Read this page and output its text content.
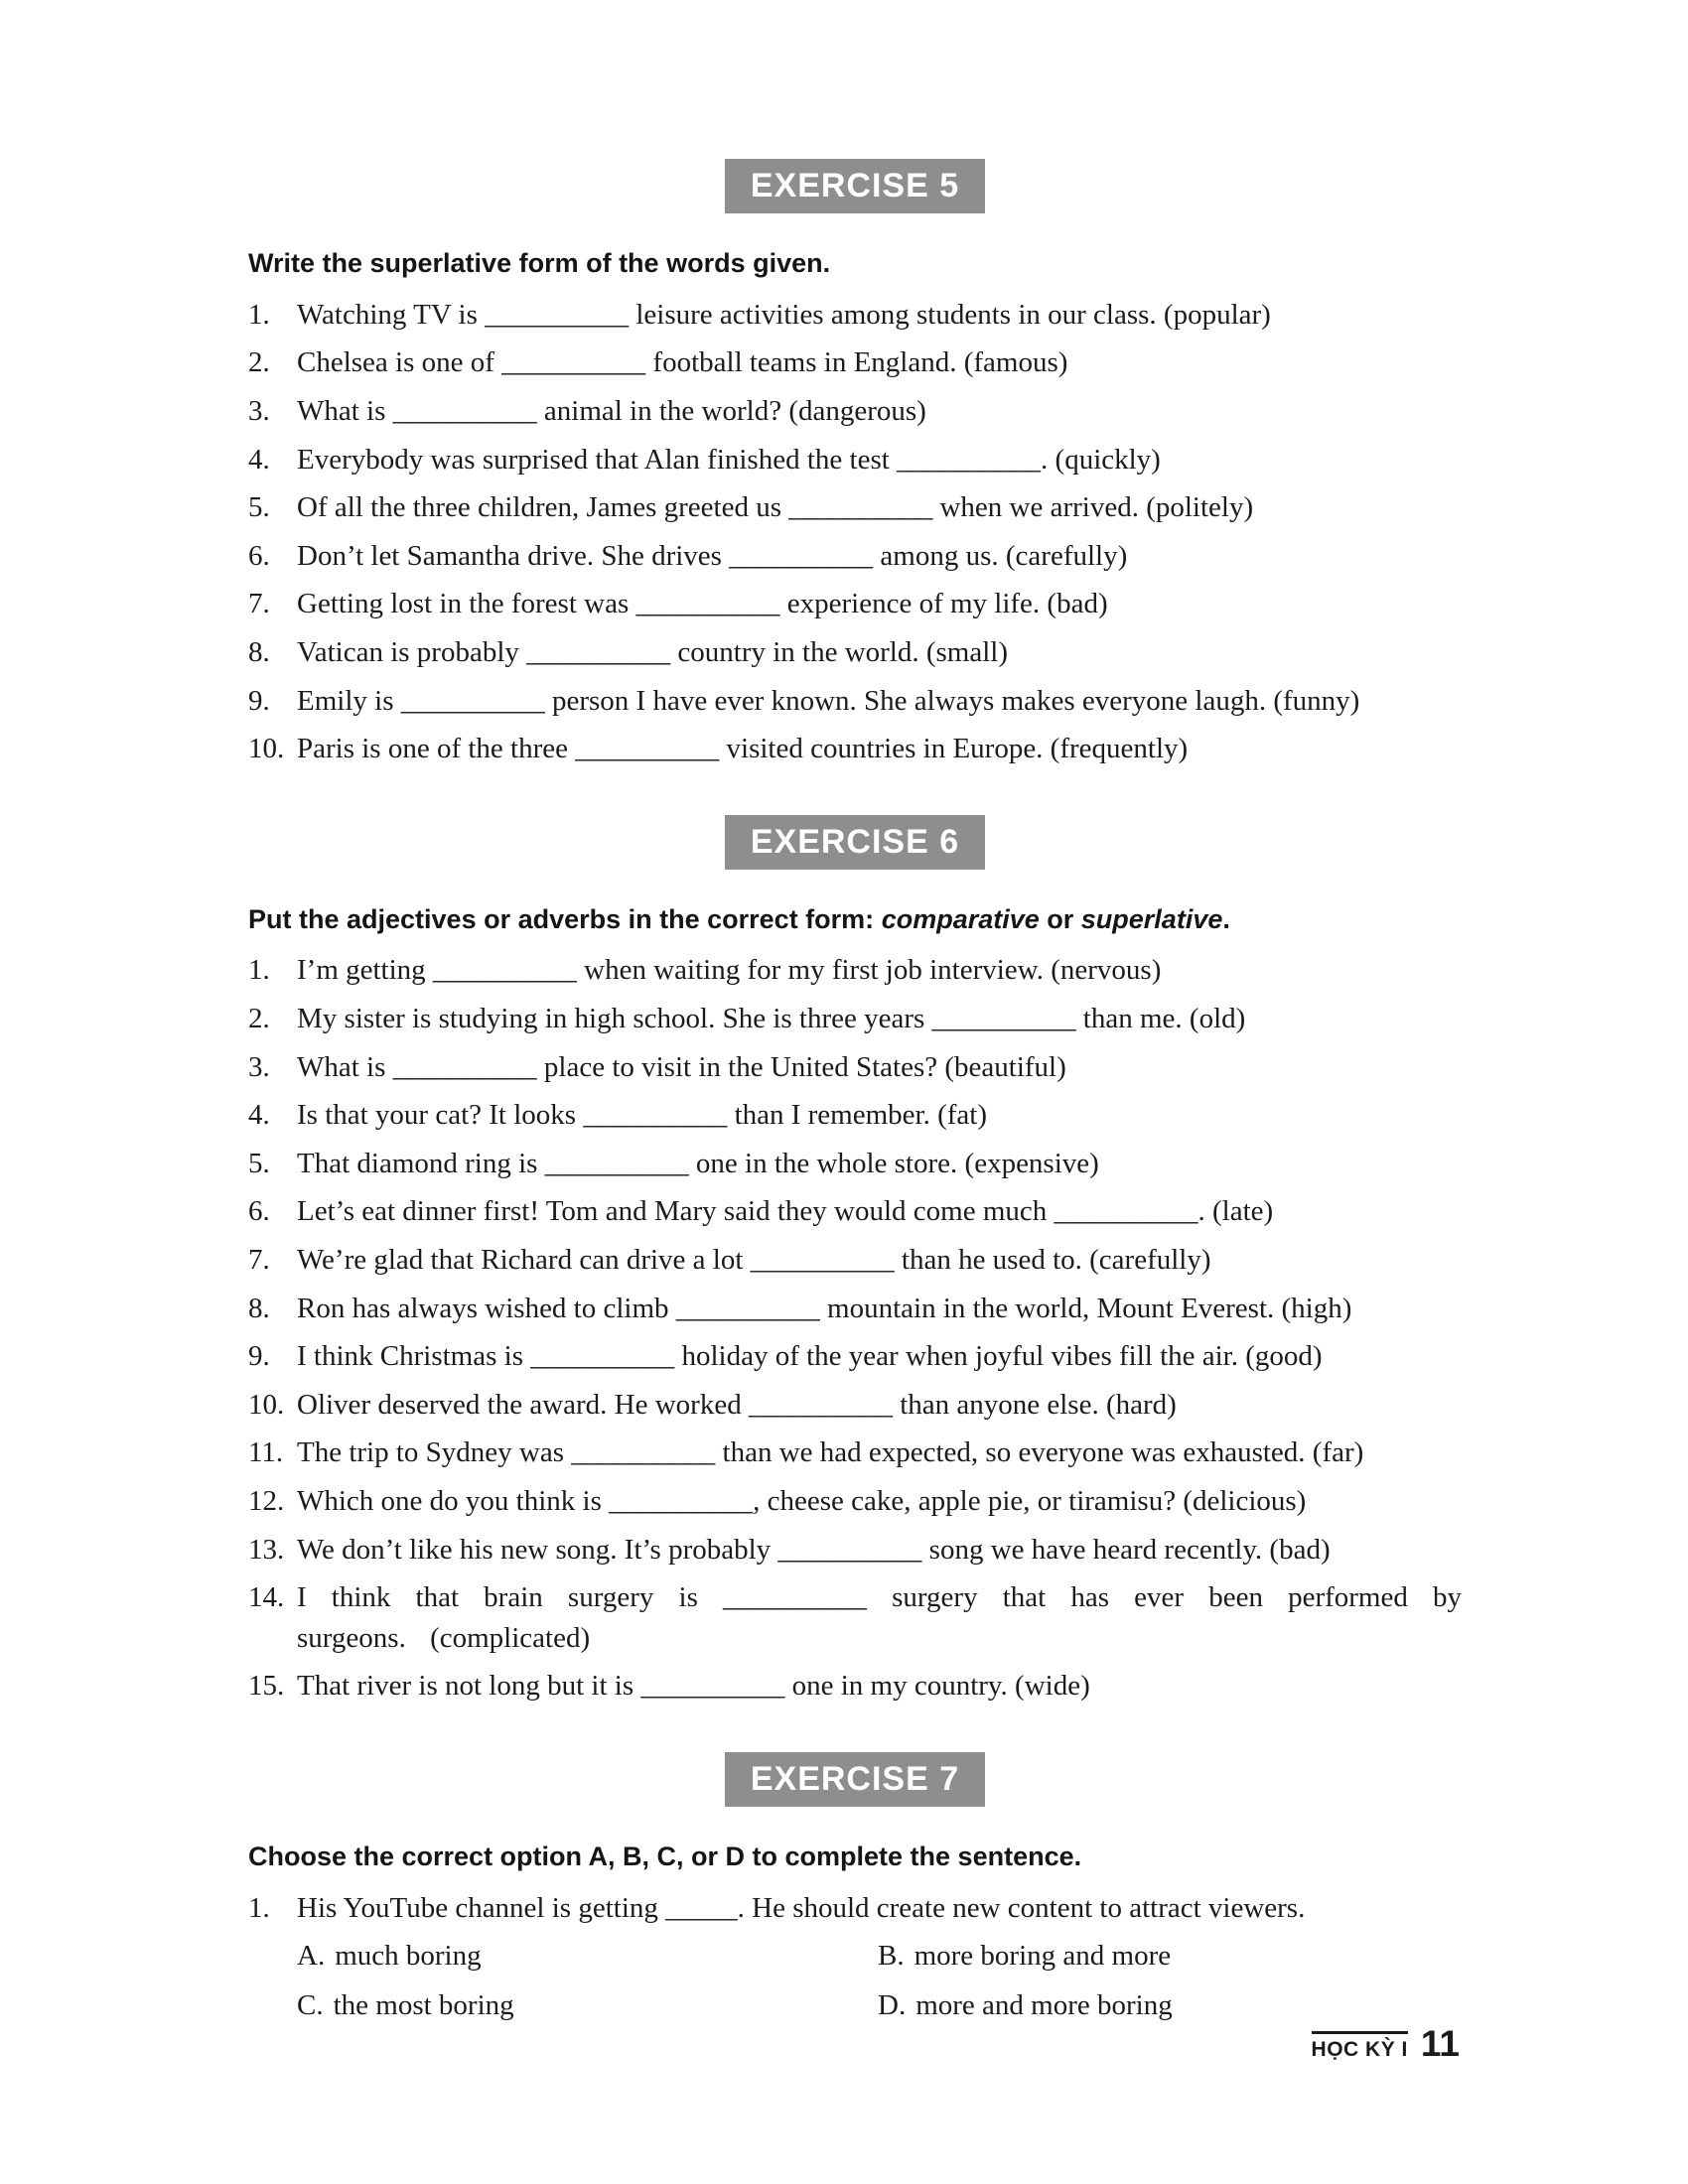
EXERCISE 5

Write the superlative form of the words given.

1. Watching TV is __________ leisure activities among students in our class. (popular)
2. Chelsea is one of __________ football teams in England. (famous)
3. What is __________ animal in the world? (dangerous)
4. Everybody was surprised that Alan finished the test __________. (quickly)
5. Of all the three children, James greeted us __________ when we arrived. (politely)
6. Don’t let Samantha drive. She drives __________ among us. (carefully)
7. Getting lost in the forest was __________ experience of my life. (bad)
8. Vatican is probably __________ country in the world. (small)
9. Emily is __________ person I have ever known. She always makes everyone laugh. (funny)
10. Paris is one of the three __________ visited countries in Europe. (frequently)
EXERCISE 6

Put the adjectives or adverbs in the correct form: comparative or superlative.

1. I’m getting __________ when waiting for my first job interview. (nervous)
2. My sister is studying in high school. She is three years __________ than me. (old)
3. What is __________ place to visit in the United States? (beautiful)
4. Is that your cat? It looks __________ than I remember. (fat)
5. That diamond ring is __________ one in the whole store. (expensive)
6. Let’s eat dinner first! Tom and Mary said they would come much __________. (late)
7. We’re glad that Richard can drive a lot __________ than he used to. (carefully)
8. Ron has always wished to climb __________ mountain in the world, Mount Everest. (high)
9. I think Christmas is __________ holiday of the year when joyful vibes fill the air. (good)
10. Oliver deserved the award. He worked __________ than anyone else. (hard)
11. The trip to Sydney was __________ than we had expected, so everyone was exhausted. (far)
12. Which one do you think is __________, cheese cake, apple pie, or tiramisu? (delicious)
13. We don’t like his new song. It’s probably __________ song we have heard recently. (bad)
14. I think that brain surgery is __________ surgery that has ever been performed by surgeons. (complicated)
15. That river is not long but it is __________ one in my country. (wide)
EXERCISE 7

Choose the correct option A, B, C, or D to complete the sentence.

1. His YouTube channel is getting _____. He should create new content to attract viewers.
A. much boring	B. more boring and more
C. the most boring	D. more and more boring
HỌC KỲ I 11
